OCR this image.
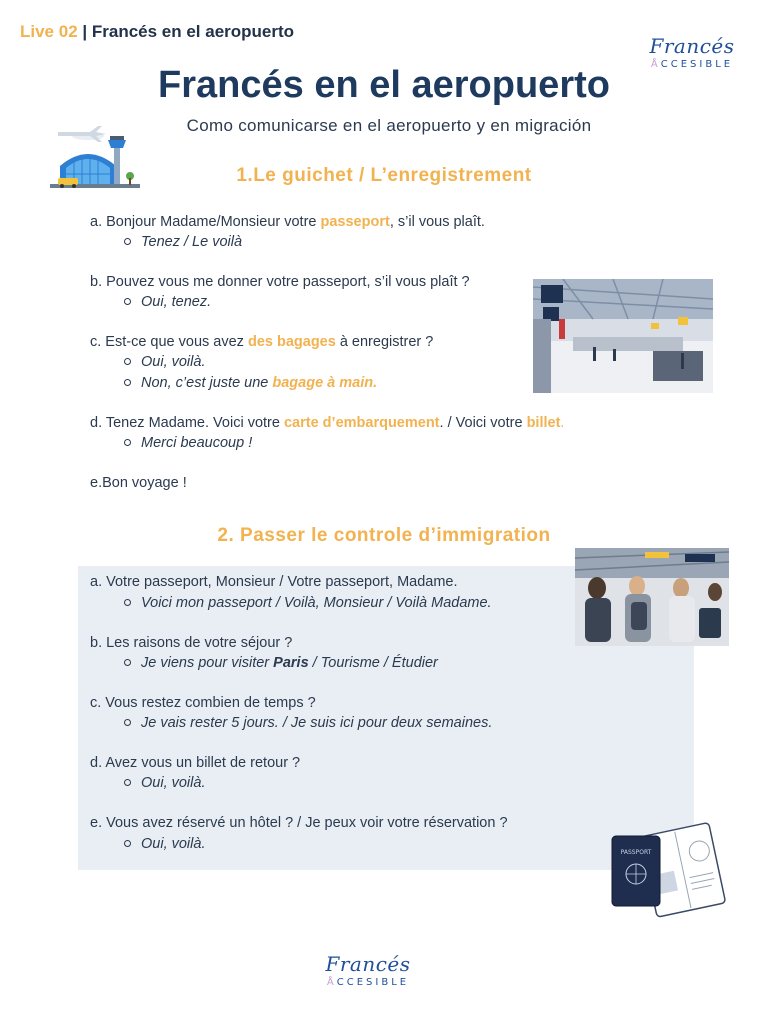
Live 02 | Francés en el aeropuerto
Francés
ÅCCESIBLE
Francés en el aeropuerto
Como comunicarse en el aeropuerto y en migración
1.Le guichet / L’enregistrement
a. Bonjour Madame/Monsieur votre passeport, s’il vous plaît.
Tenez / Le voilà
b. Pouvez vous me donner votre passeport, s’il vous plaît ?
Oui, tenez.
c. Est-ce que vous avez des bagages à enregistrer ?
Oui, voilà.
Non, c’est juste une bagage à main.
d. Tenez Madame. Voici votre carte d’embarquement. / Voici votre billet.
Merci beaucoup !
e.Bon voyage !
2. Passer le controle d’immigration
a. Votre passeport, Monsieur / Votre passeport, Madame.
Voici mon passeport / Voilà, Monsieur / Voilà Madame.
b. Les raisons de votre séjour ?
Je viens pour visiter Paris / Tourisme / Étudier
c. Vous restez combien de temps ?
Je vais rester 5 jours. / Je suis ici pour deux semaines.
d. Avez vous un billet de retour ?
Oui, voilà.
e. Vous avez réservé un hôtel ? / Je peux voir votre réservation ?
Oui, voilà.
PASSPORT
Francés
ÅCCESIBLE
